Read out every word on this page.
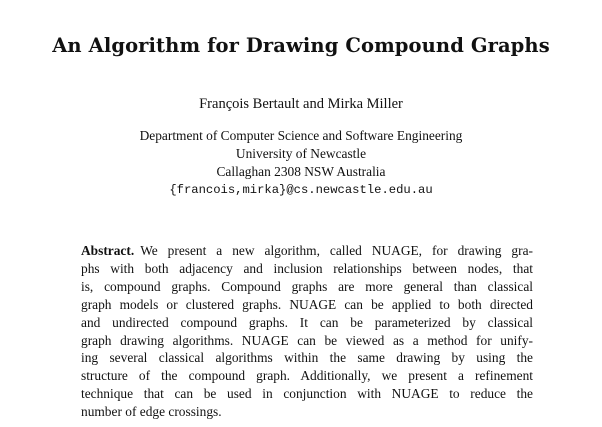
An Algorithm for Drawing Compound Graphs
François Bertault and Mirka Miller
Department of Computer Science and Software Engineering
University of Newcastle
Callaghan 2308 NSW Australia
{francois,mirka}@cs.newcastle.edu.au
Abstract. We present a new algorithm, called NUAGE, for drawing gra-
phs with both adjacency and inclusion relationships between nodes, that
is, compound graphs. Compound graphs are more general than classical
graph models or clustered graphs. NUAGE can be applied to both directed
and undirected compound graphs. It can be parameterized by classical
graph drawing algorithms. NUAGE can be viewed as a method for unify-
ing several classical algorithms within the same drawing by using the
structure of the compound graph. Additionally, we present a refinement
technique that can be used in conjunction with NUAGE to reduce the
number of edge crossings.
